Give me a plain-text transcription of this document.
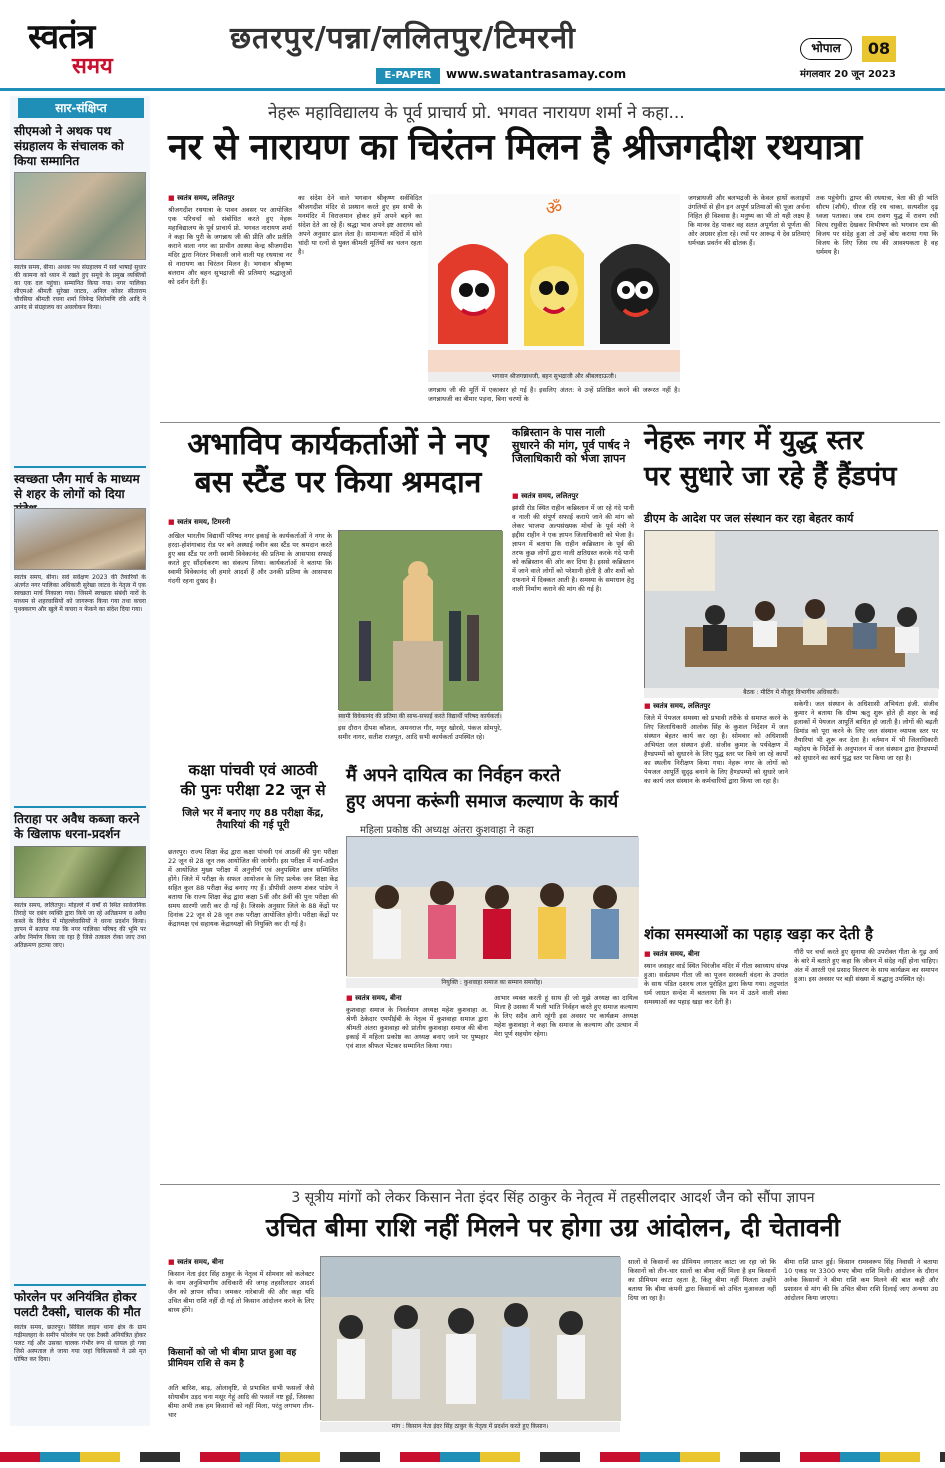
स्वतंत्र
समय
छतरपुर/पन्ना/ललितपुर/टिमरनी
E-PAPER	www.swatantrasamay.com
भोपाल	08
मंगलवार 20 जून 2023
सार-संक्षिप्त
सीएमओ ने अथक पथ संग्रहालय के संचालक को किया सम्मानित
स्वतंत्र समय, बीना। अथक पथ संग्रहालय में सर्व भाषाई सुधार की कामना को ध्यान में रखते हुए समूचे के प्रमुख व्यक्तियों का एक दल पहुंचा। सम्मानित किया गया। नगर पालिका सीएमओ श्रीमती सुरेखा जाटव, अनिल कोवर सीताराम चौरसिया श्रीमती रचना शर्मा जिनेन्द्र शिरोमणि रवि आदि ने आनंद से संग्रहालय का अवलोकन किया।
स्वच्छता प्लैग मार्च के माध्यम से शहर के लोगों को दिया
स्वतंत्र समय, बीना। सर्व सर्वेक्षण 2023 की तैयारियों के अंतर्गत नगर पालिका अधिकारी सुरेखा जाटव के नेतृत्व में एक स्वच्छता मार्च निकाला गया। जिसमें स्वच्छता संबंधी नारों के माध्यम से शहरवासियों को जागरूक किया गया तथा कचरा पृथक्करण और खुले में कचरा न फेंकने का संदेश दिया गया।
तिराहा पर अवैध कब्जा करने के खिलाफ धरना-प्रदर्शन
स्वतंत्र समय, ललितपुर। मोहल्ले में वर्षों से स्थित सार्वजनिक तिराहे पर दबंग व्यक्ति द्वारा किये जा रहे अतिक्रमण व अवैध कब्जे के विरोध में मोहल्लेवासियों ने धरना प्रदर्शन किया। ज्ञापन में बताया गया कि नगर पालिका परिषद की भूमि पर अवैध निर्माण किया जा रहा है जिसे तत्काल रोका जाए तथा अतिक्रमण हटाया जाए।
फोरलेन पर अनियंत्रित होकर पलटी टैक्सी, चालक की मौत
स्वतंत्र समय, छतरपुर। सिविल लाइन थाना क्षेत्र के ग्राम गढ़ीमलहरा के समीप फोरलेन पर एक टैक्सी अनियंत्रित होकर पलट गई और उसका चालक गंभीर रूप से घायल हो गया जिसे अस्पताल ले जाया गया जहां चिकित्सकों ने उसे मृत घोषित कर दिया।
नेहरू महाविद्यालय के पूर्व प्राचार्य प्रो. भगवत नारायण शर्मा ने कहा...
नर से नारायण का चिरंतन मिलन है श्रीजगदीश रथयात्रा
■ स्वतंत्र समय, ललितपुर
श्रीजगदीश रथयात्रा के पावन अवसर पर आयोजित एक परिचर्चा को संबोधित करते हुए नेहरू महाविद्यालय के पूर्व प्राचार्य प्रो. भगवत नारायण शर्मा ने कहा कि पुरी के जगन्नाथ जी की प्रीति और प्रतीति कराने वाला नगर का प्राचीन आस्था केन्द्र श्रीजगदीश मंदिर द्वारा निरंतर निकाली जाने वाली यह रथयात्रा नर से नारायण का चिरंतन मिलन है। भगवान श्रीकृष्ण बलराम और बहन सुभद्राजी की प्रतिमाएं श्रद्धालुओं को दर्शन देती हैं।
का संदेश देने वाले भगवान श्रीकृष्ण सर्वविदित श्रीजगदीश मंदिर से प्रस्थान करते हुए हम सभी के मनमंदिर में विराजमान होकर हमें अपने बहने का संदेश देते आ रहे हैं। श्रद्धा भाव अपने इष्ट आराध्य को अपने अनुसार ढाल लेता है। सामान्यतः मंदिरों में सोने चांदी या रत्नों से युक्त कीमती मूर्तियों का चलन रहता है।
ॐ
भगवान श्रीजगन्नाथजी, बहन सुभद्राजी और श्रीबलदाऊजी।
जगन्नाथ जी की मूर्ति में एकाकार हो गई है। इसलिए अंतत: वे उन्हें प्रतिष्ठित करने की जरूरत नहीं है। जगन्नाथजी का बीमार पड़ना, बिना चरणों के
जगन्नाथजी और बलभद्रजी के केवल हाथों कलाइयों उंगलियों से हीन इन अपूर्ण प्रतिमाओं की पूजा अर्चना निहित ही विश्वास है। मनुष्य का भी तो यही लक्ष्य है कि मानव देह पाकर वह सतत अपूर्णता से पूर्णता की ओर अग्रसर होता रहे। रथों पर आरूढ़ ये देव प्रतिमाएं धर्मचक्र प्रवर्तन की द्योतक हैं।
तक पहुंचेगी। द्वापर की रथयात्रा, त्रेता की ही भांति सौरभ (शौर्य), धीरज रहि रथ चाका, सत्यशील दृढ़ ध्वजा पताका। जब राम रावण युद्ध में रावण रथी विरथ रघुवीरा देखकर विभीषण को भगवान राम की विजय पर संदेह हुआ तो उन्हें बोध कराया गया कि विजय के लिए जिस रथ की आवश्यकता है वह धर्ममय है।
अभाविप कार्यकर्ताओं ने नए
बस स्टैंड पर किया श्रमदान
■ स्वतंत्र समय, टिमरनी
अखिल भारतीय विद्यार्थी परिषद नगर इकाई के कार्यकर्ताओं ने नगर के हरदा-होशंगाबाद रोड पर बने अस्थाई नवीन बस स्टैंड पर श्रमदान करते हुए बस स्टैंड पर लगी स्वामी विवेकानंद की प्रतिमा के आसपास सफाई करते हुए सौंदर्यकरण का संकल्प लिया। कार्यकर्ताओं ने बताया कि स्वामी विवेकानंद जी हमारे आदर्श हैं और उनकी प्रतिमा के आसपास गंदगी रहना दुखद है।
स्वामी विवेकानंद की प्रतिमा की साफ-सफाई करते विद्यार्थी परिषद कार्यकर्ता।
इस दौरान दीपश कौशल, अमनराज गौर, मयूर खोरसे, पंकज सोमपुरे, समीर नागर, सतीश राजपूत, आदि सभी कार्यकर्ता उपस्थित रहे।
कब्रिस्तान के पास नाली सुधारने की मांग, पूर्व पार्षद ने जिलाधिकारी को भेजा ज्ञापन
■ स्वतंत्र समय, ललितपुर
झांसी रोड स्थित राहीन कब्रिस्तान में जा रहे गंदे पानी व नाली की संपूर्ण सफाई कराये जाने की मांग को लेकर भाजपा अल्पसंख्यक मोर्चा के पूर्व मंत्री ने इद्दीस राहीन ने एक ज्ञापन जिलाधिकारी को भेजा है। ज्ञापन में बताया कि राहीन कब्रिस्तान के पूर्व की तरफ कुछ लोगों द्वारा नाली क्षतिग्रस्त करके गंदे पानी को कब्रिस्तान की ओर कर दिया है। इससे कब्रिस्तान में जाने वाले लोगों को परेशानी होती है और शवों को दफनाने में दिक्कत आती है। समस्या के समाधान हेतु नाली निर्माण कराने की मांग की गई है।
नेहरू नगर में युद्ध स्तर
पर सुधारे जा रहे हैं हैंडपंप
डीएम के आदेश पर जल संस्थान कर रहा बेहतर कार्य
बैठक : मीटिंग में मौजूद विभागीय अधिकारी।
■ स्वतंत्र समय, ललितपुर
जिले में पेयजल समस्या को प्रभावी तरीके से समाप्त करने के लिए जिलाधिकारी आलोक सिंह के कुशल निर्देशन में जल संस्थान बेहतर कार्य कर रहा है। सोमवार को अधिशासी अभियंता जल संस्थान इंजी. संजीव कुमार के पर्यवेक्षण में हैण्डपम्पों को सुधारने के लिए युद्ध स्तर पर किये जा रहे कार्यों का स्थलीय निरीक्षण किया गया। नेहरू नगर के लोगों को पेयजल आपूर्ति सुदृढ़ बनाने के लिए हैण्डपम्पों को सुधारे जाने का कार्य जल संस्थान के कर्मचारियों द्वारा किया जा रहा है।
सकेगी। जल संस्थान के अधिशासी अभियंता इंजी. संजीव कुमार ने बताया कि ग्रीष्म ऋतु शुरू होते ही शहर के कई इलाकों में पेयजल आपूर्ति बाधित हो जाती है। लोगों की बढ़ती डिमांड को पूरा करने के लिए जल संस्थान व्यापक स्तर पर तैयारियां भी शुरू कर देता है। वर्तमान में भी जिलाधिकारी महोदय के निर्देशों के अनुपालन में जल संस्थान द्वारा हैण्डपम्पों को सुधारने का कार्य युद्ध स्तर पर किया जा रहा है।
कक्षा पांचवी एवं आठवी
की पुनः परीक्षा 22 जून से
जिले भर में बनाए गए 88 परीक्षा केंद्र, तैयारियां की गई पूरी
छतरपुर। राज्य शिक्षा केंद्र द्वारा कक्षा पांचवी एवं आठवीं की पुनः परीक्षा 22 जून से 28 जून तक आयोजित की जायेगी। इस परीक्षा में मार्च-अप्रैल में आयोजित मुख्य परीक्षा में अनुत्तीर्ण एवं अनुपस्थित छात्र सम्मिलित होंगे। जिले में परीक्षा के सफल आयोजन के लिए प्रत्येक जन शिक्षा केंद्र सहित कुल 88 परीक्षा केंद्र बनाए गए हैं। डीपीसी अरुण शंकर पांडेय ने बताया कि राज्य शिक्षा केंद्र द्वारा कक्षा 5वीं और 8वीं की पुनः परीक्षा की समय सारणी जारी कर दी गई है। जिसके अनुसार जिले के 88 केंद्रों पर दिनांक 22 जून से 28 जून तक परीक्षा आयोजित होगी। परीक्षा केंद्रों पर केंद्राध्यक्ष एवं सहायक केंद्राध्यक्षों की नियुक्ति कर दी गई है।
मैं अपने दायित्व का निर्वहन करते
हुए अपना करूंगी समाज कल्याण के कार्य
महिला प्रकोष्ठ की अध्यक्ष अंतरा कुशवाहा ने कहा
नियुक्ति : कुशवाहा समाज का सम्मान समारोह।
■ स्वतंत्र समय, बीना
कुशवाहा समाज के निवर्तमान अध्यक्ष महेश कुशवाहा अ. श्रेणी ठेकेदार एमपीईबी के नेतृत्व में कुशवाहा समाज द्वारा श्रीमती अंतरा कुशवाहा को प्रांतीय कुशवाहा समाज की बीना इकाई में महिला प्रकोष्ठ का अध्यक्ष बनाए जाने पर पुष्पहार एवं शाल श्रीफल भेंटकर सम्मानित किया गया।
आभार व्यक्त करती हूं साथ ही जो मुझे अध्यक्ष का दायित्व मिला है उसका मैं भली भांति निर्वहन करते हुए समाज कल्याण के लिए सदैव आगे रहूंगी इस अवसर पर कार्यक्रम अध्यक्ष महेश कुशवाहा ने कहा कि समाज के कल्याण और उत्थान में मेरा पूर्ण सहयोग रहेगा।
शंका समस्याओं का पहाड़ खड़ा कर देती है
■ स्वतंत्र समय, बीना
स्थान जवाहर वार्ड स्थित चिरंजीव मंदिर में गीता स्वाध्याय संपन्न हुआ। सर्वप्रथम गीता जी का पूजन सरस्वती वंदना के उपरांत के साथ पंडित दशरथ लाल पुरोहित द्वारा किया गया। तदुपरांत धर्म जाग्रत सन्देश में बतलाया कि मन में उठने वाली शंका समस्याओं का पहाड़ खड़ा कर देती है।
गौरी पर चर्चा करते हुए सुनाया की उपरोक्त गीता के गूढ़ अर्थ के बारे में बताते हुए कहा कि जीवन में संदेह नहीं होना चाहिए। अंत में आरती एवं प्रसाद वितरण के साथ कार्यक्रम का समापन हुआ। इस अवसर पर बड़ी संख्या में श्रद्धालु उपस्थित रहे।
3 सूत्रीय मांगों को लेकर किसान नेता इंदर सिंह ठाकुर के नेतृत्व में तहसीलदार आदर्श जैन को सौंपा ज्ञापन
उचित बीमा राशि नहीं मिलने पर होगा उग्र आंदोलन, दी चेतावनी
■ स्वतंत्र समय, बीना
किसान नेता इंदर सिंह ठाकुर के नेतृत्व में सोमवार को कलेक्टर के नाम अनुविभागीय अधिकारी की जगह तहसीलदार आदर्श जैन को ज्ञापन सौंपा। जमकर नारेबाजी की और कहा यदि उचित बीमा राशि नहीं दी गई तो किसान आंदोलन करने के लिए बाध्य होंगे।
किसानों को जो भी बीमा प्राप्त हुआ वह प्रीमियम राशि से कम है
अति बारिश, बाढ़, ओलावृष्टि, से प्रभावित सभी फसलों जैसे सोयाबीन उड़द चना मसूर गेहूं आदि की फसलें नष्ट हुईं, जिसका बीमा अभी तक हम किसानों को नहीं मिला, परंतु लगभग तीन-चार
मांग : किसान नेता इंदर सिंह ठाकुर के नेतृत्व में प्रदर्शन करते हुए किसान।
सालों से किसानों का प्रीमियम लगातार काटा जा रहा जो कि किसानों को तीन-चार सालों का बीमा नहीं मिला है हम किसानों का प्रीमियम काटा रहता है, किंतु बीमा नहीं मिलता उन्होंने बताया कि बीमा कंपनी द्वारा किसानों को उचित मुआवजा नहीं दिया जा रहा है।
बीमा राशि प्राप्त हुई। किसान रामस्वरूप सिंह निवासी ने बताया 10 एकड़ पर 3300 रुपए बीमा राशि मिली। आंदोलन के दौरान अनेक किसानों ने बीमा राशि कम मिलने की बात कही और प्रशासन से मांग की कि उचित बीमा राशि दिलाई जाए अन्यथा उग्र आंदोलन किया जाएगा।
